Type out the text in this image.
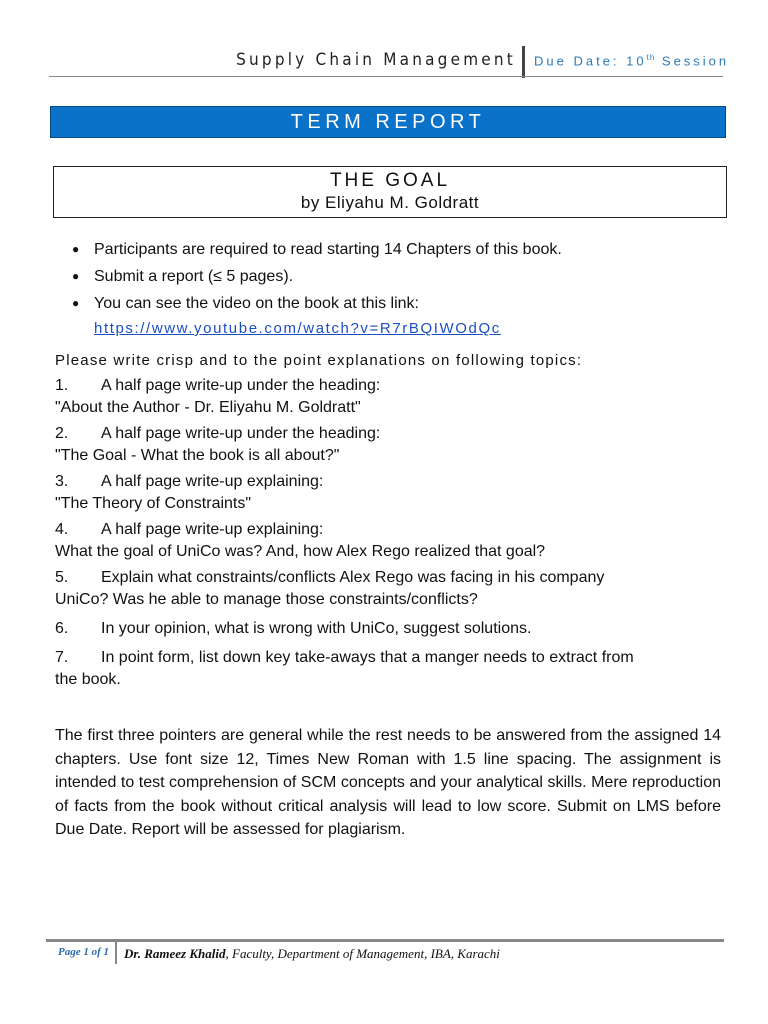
Supply Chain Management Due Date: 10th Session
TERM REPORT
THE GOAL
by Eliyahu M. Goldratt
● Participants are required to read starting 14 Chapters of this book.
● Submit a report (≤ 5 pages).
● You can see the video on the book at this link:
https://www.youtube.com/watch?v=R7rBQIWOdQc
Please write crisp and to the point explanations on following topics:
1. A half page write-up under the heading:
"About the Author - Dr. Eliyahu M. Goldratt"
2. A half page write-up under the heading:
"The Goal - What the book is all about?"
3. A half page write-up explaining:
"The Theory of Constraints"
4. A half page write-up explaining:
What the goal of UniCo was? And, how Alex Rego realized that goal?
5. Explain what constraints/conflicts Alex Rego was facing in his company
UniCo? Was he able to manage those constraints/conflicts?
6. In your opinion, what is wrong with UniCo, suggest solutions.
7. In point form, list down key take-aways that a manger needs to extract from
the book.
The first three pointers are general while the rest needs to be answered from the assigned 14 chapters. Use font size 12, Times New Roman with 1.5 line spacing. The assignment is intended to test comprehension of SCM concepts and your analytical skills. Mere reproduction of facts from the book without critical analysis will lead to low score. Submit on LMS before Due Date. Report will be assessed for plagiarism.
Page 1 of 1 Dr. Rameez Khalid, Faculty, Department of Management, IBA, Karachi
